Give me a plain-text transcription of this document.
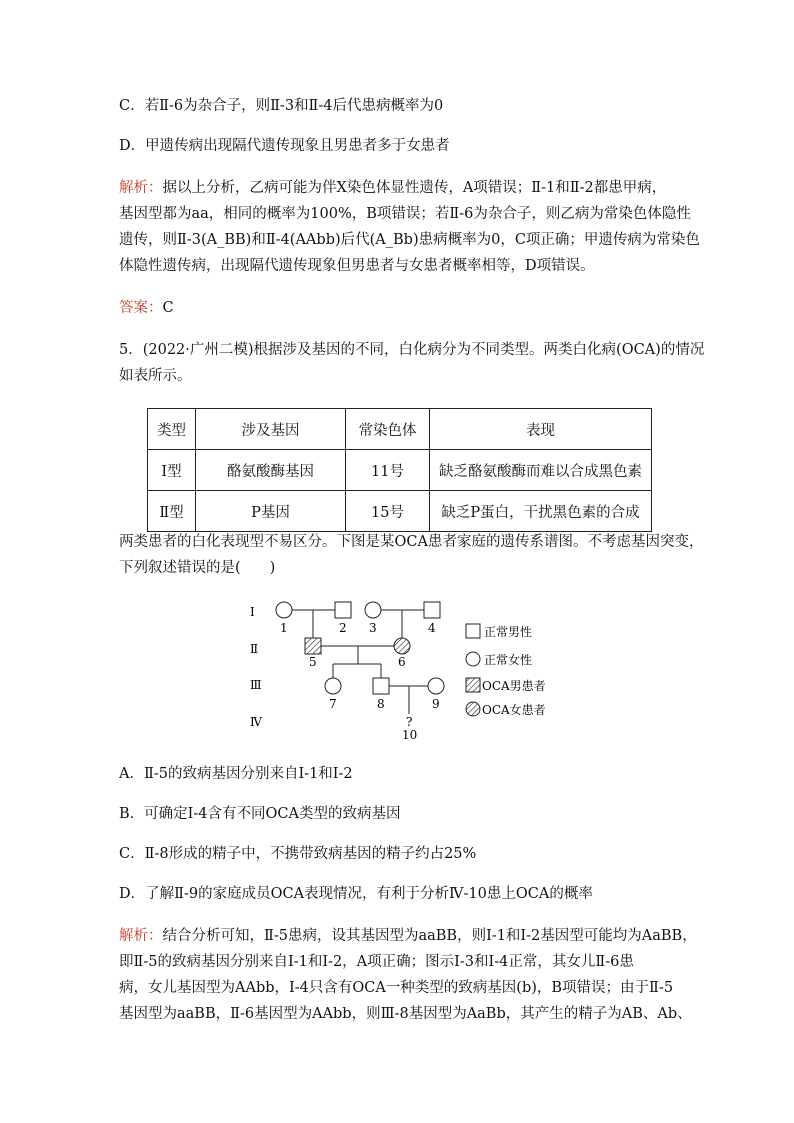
C．若Ⅱ-6为杂合子，则Ⅱ-3和Ⅱ-4后代患病概率为0
D．甲遗传病出现隔代遗传现象且男患者多于女患者
解析：据以上分析，乙病可能为伴X染色体显性遗传，A项错误；Ⅱ-1和Ⅱ-2都患甲病，
基因型都为aa，相同的概率为100%，B项错误；若Ⅱ-6为杂合子，则乙病为常染色体隐性
遗传，则Ⅱ-3(A_BB)和Ⅱ-4(AAbb)后代(A_Bb)患病概率为0，C项正确；甲遗传病为常染色
体隐性遗传病，出现隔代遗传现象但男患者与女患者概率相等，D项错误。
答案：C
5．(2022·广州二模)根据涉及基因的不同，白化病分为不同类型。两类白化病(OCA)的情况
如表所示。
类型	涉及基因	常染色体	表现
Ⅰ型	酪氨酸酶基因	11号	缺乏酪氨酸酶而难以合成黑色素
Ⅱ型	P基因	15号	缺乏P蛋白，干扰黑色素的合成
两类患者的白化表现型不易区分。下图是某OCA患者家庭的遗传系谱图。不考虑基因突变，
下列叙述错误的是(　　)
Ⅰ
Ⅱ
Ⅲ
Ⅳ
1	2 3	4
5	6
7	8	9
?
10
正常男性
正常女性
OCA男患者
OCA女患者
A．Ⅱ-5的致病基因分别来自Ⅰ-1和Ⅰ-2
B．可确定Ⅰ-4含有不同OCA类型的致病基因
C．Ⅱ-8形成的精子中，不携带致病基因的精子约占25%
D．了解Ⅱ-9的家庭成员OCA表现情况，有利于分析Ⅳ-10患上OCA的概率
解析：结合分析可知，Ⅱ-5患病，设其基因型为aaBB，则Ⅰ-1和Ⅰ-2基因型可能均为AaBB，
即Ⅱ-5的致病基因分别来自Ⅰ-1和Ⅰ-2，A项正确；图示Ⅰ-3和Ⅰ-4正常，其女儿Ⅱ-6患
病，女儿基因型为AAbb，Ⅰ-4只含有OCA一种类型的致病基因(b)，B项错误；由于Ⅱ-5
基因型为aaBB，Ⅱ-6基因型为AAbb，则Ⅲ-8基因型为AaBb，其产生的精子为AB、Ab、
